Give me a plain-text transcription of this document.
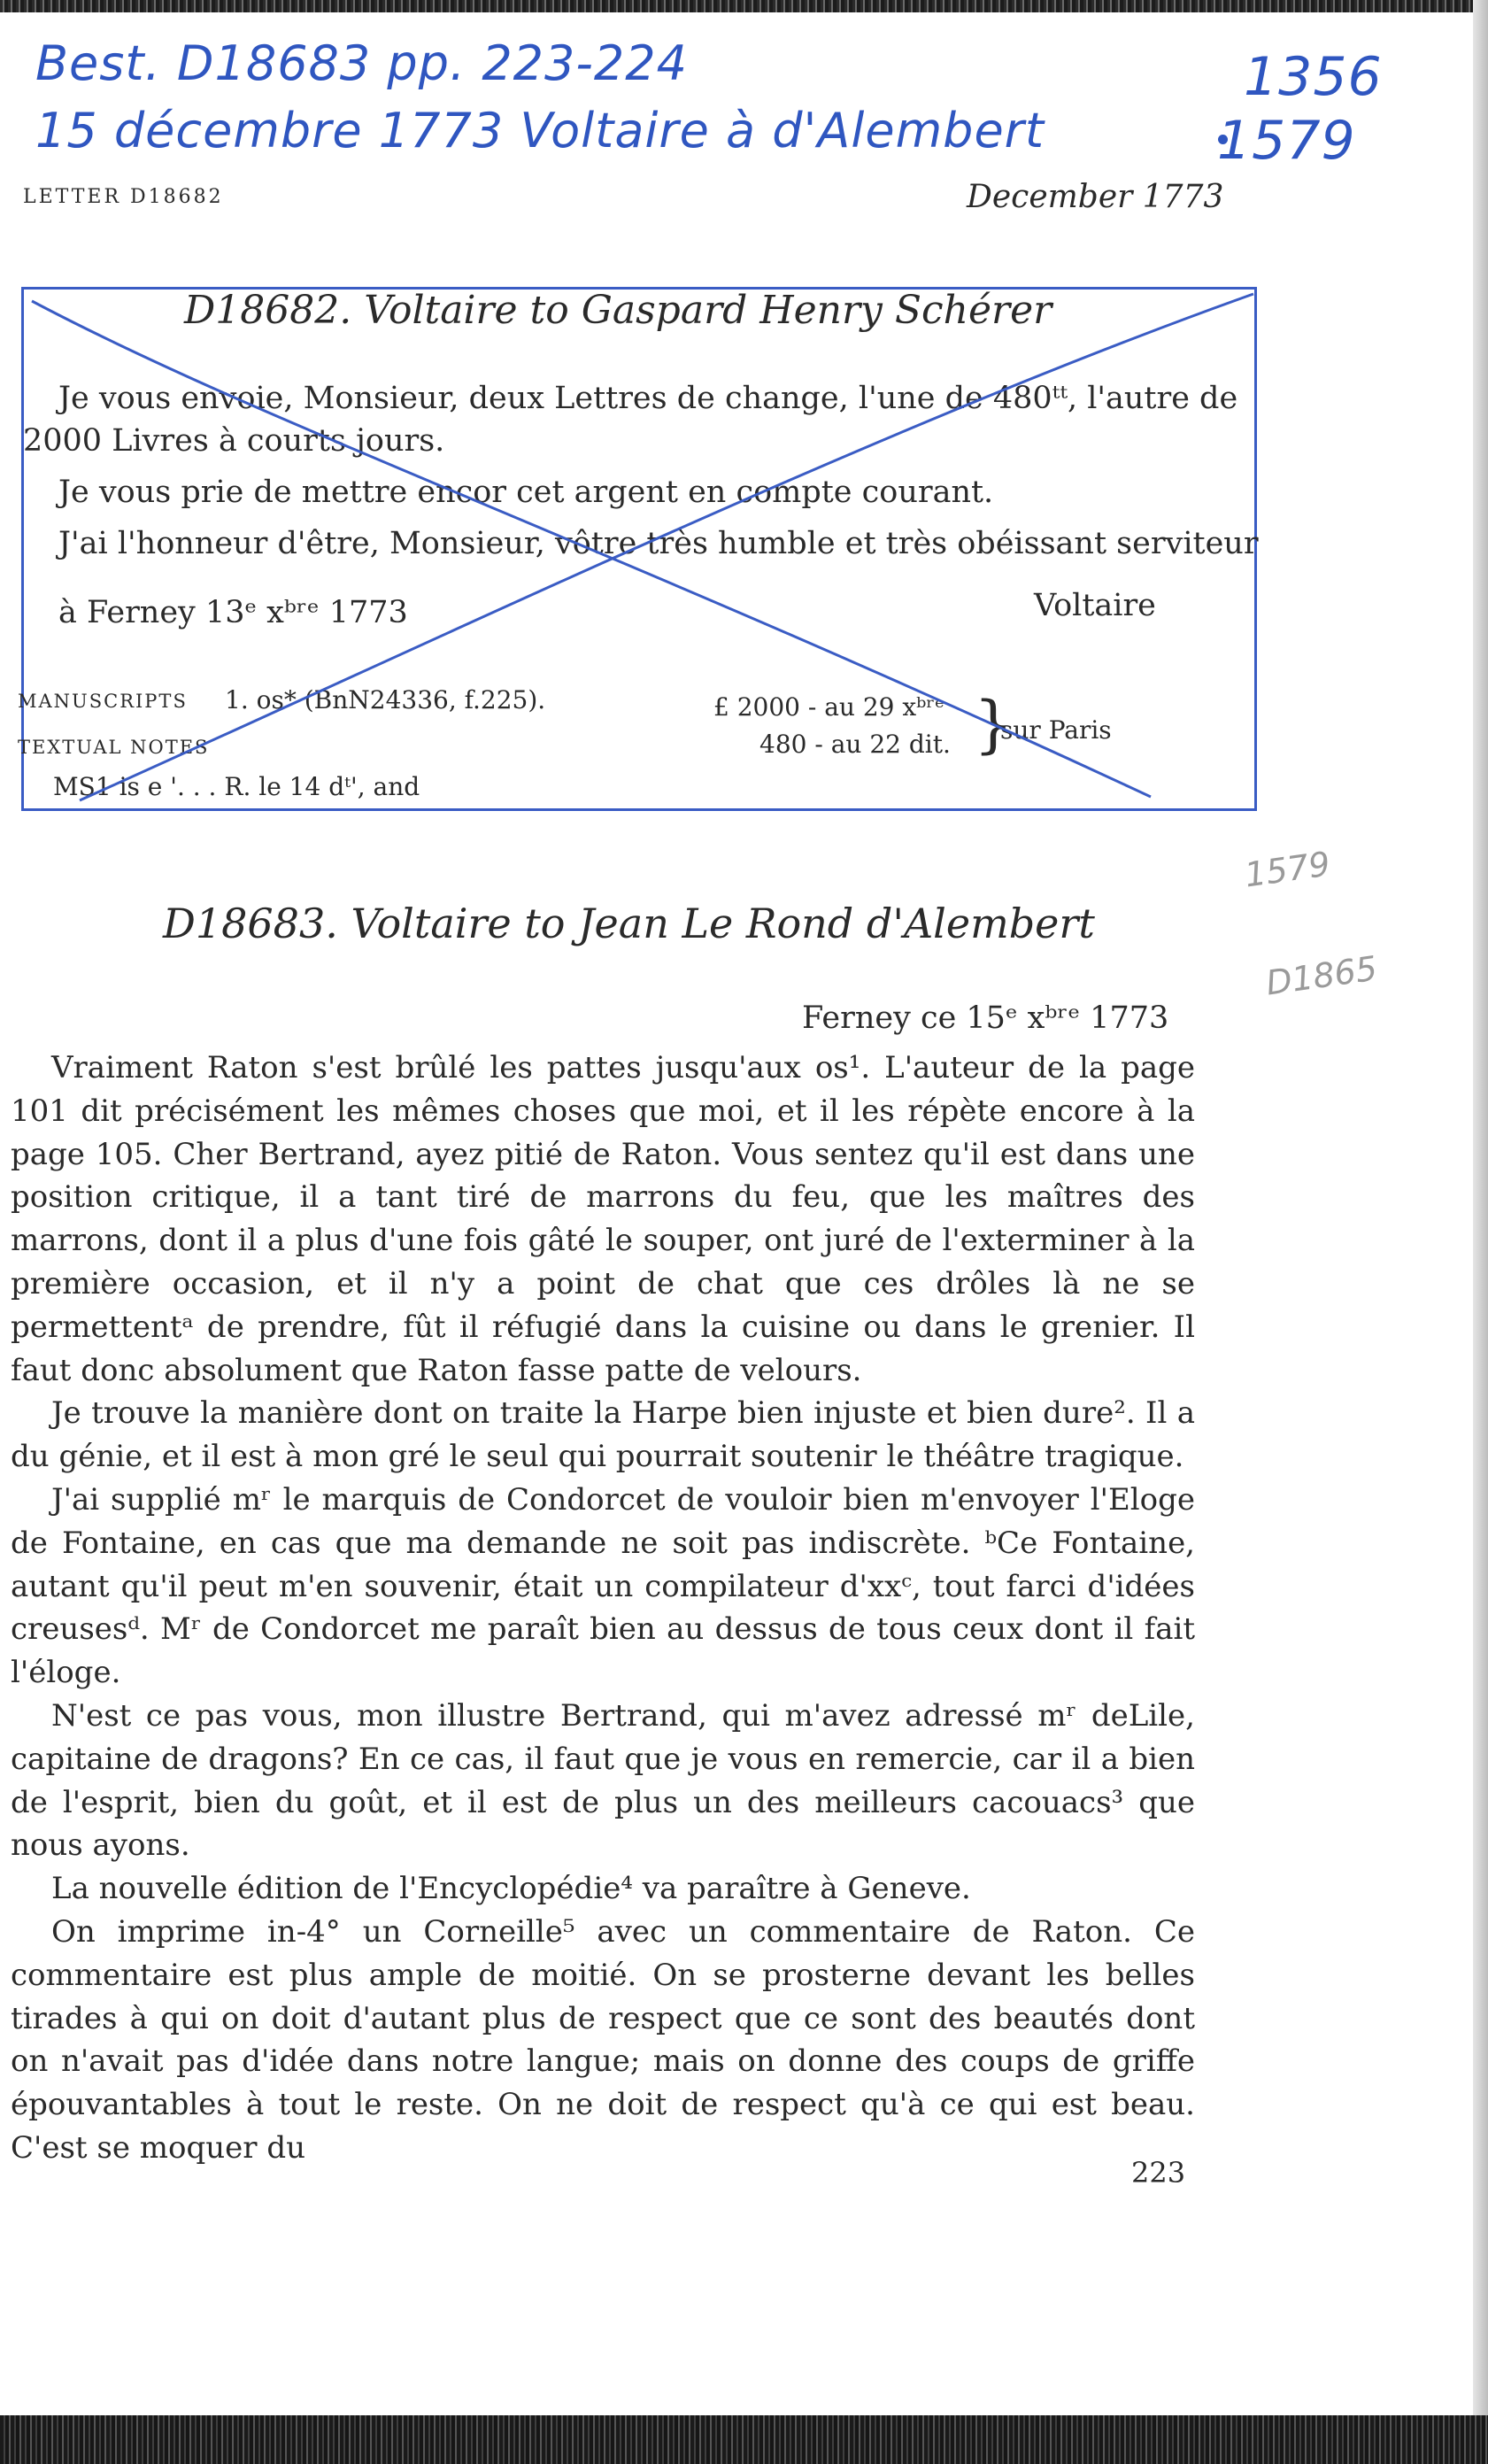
Best. D18683 pp. 223-224
15 décembre 1773 Voltaire à d'Alembert
1356
1579
LETTER D18682	December 1773
D18682. Voltaire to Gaspard Henry Schérer
Je vous envoie, Monsieur, deux Lettres de change, l'une de 480ᵗᵗ, l'autre de
2000 Livres à courts jours.
Je vous prie de mettre encor cet argent en compte courant.
J'ai l'honneur d'être, Monsieur, vôtre très humble et très obéissant serviteur
à Ferney 13ᵉ xᵇʳᵉ 1773	Voltaire
MANUSCRIPTS 1. os* (BnN24336, f.225).
TEXTUAL NOTES
MS1 is e '. . . R. le 14 dᵗ', and
£ 2000 - au 29 xᵇʳᵉ
480 - au 22 dit. }
sur Paris
1579
D1865
D18683. Voltaire to Jean Le Rond d'Alembert
Ferney ce 15ᵉ xᵇʳᵉ 1773

Vraiment Raton s'est brûlé les pattes jusqu'aux os¹. L'auteur de la page 101 dit précisément les mêmes choses que moi, et il les répète encore à la page 105. Cher Bertrand, ayez pitié de Raton. Vous sentez qu'il est dans une position critique, il a tant tiré de marrons du feu, que les maîtres des marrons, dont il a plus d'une fois gâté le souper, ont juré de l'exterminer à la première occasion, et il n'y a point de chat que ces drôles là ne se permettentᵃ de prendre, fût il réfugié dans la cuisine ou dans le grenier. Il faut donc absolument que Raton fasse patte de velours.

Je trouve la manière dont on traite la Harpe bien injuste et bien dure². Il a du génie, et il est à mon gré le seul qui pourrait soutenir le théâtre tragique.

J'ai supplié mʳ le marquis de Condorcet de vouloir bien m'envoyer l'Eloge de Fontaine, en cas que ma demande ne soit pas indiscrète. ᵇCe Fontaine, autant qu'il peut m'en souvenir, était un compilateur d'xxᶜ, tout farci d'idées creusesᵈ. Mʳ de Condorcet me paraît bien au dessus de tous ceux dont il fait l'éloge.

N'est ce pas vous, mon illustre Bertrand, qui m'avez adressé mʳ deLile, capitaine de dragons? En ce cas, il faut que je vous en remercie, car il a bien de l'esprit, bien du goût, et il est de plus un des meilleurs cacouacs³ que nous ayons.

La nouvelle édition de l'Encyclopédie⁴ va paraître à Geneve.

On imprime in-4° un Corneille⁵ avec un commentaire de Raton. Ce commentaire est plus ample de moitié. On se prosterne devant les belles tirades à qui on doit d'autant plus de respect que ce sont des beautés dont on n'avait pas d'idée dans notre langue; mais on donne des coups de griffe épouvantables à tout le reste. On ne doit de respect qu'à ce qui est beau. C'est se moquer du

223
